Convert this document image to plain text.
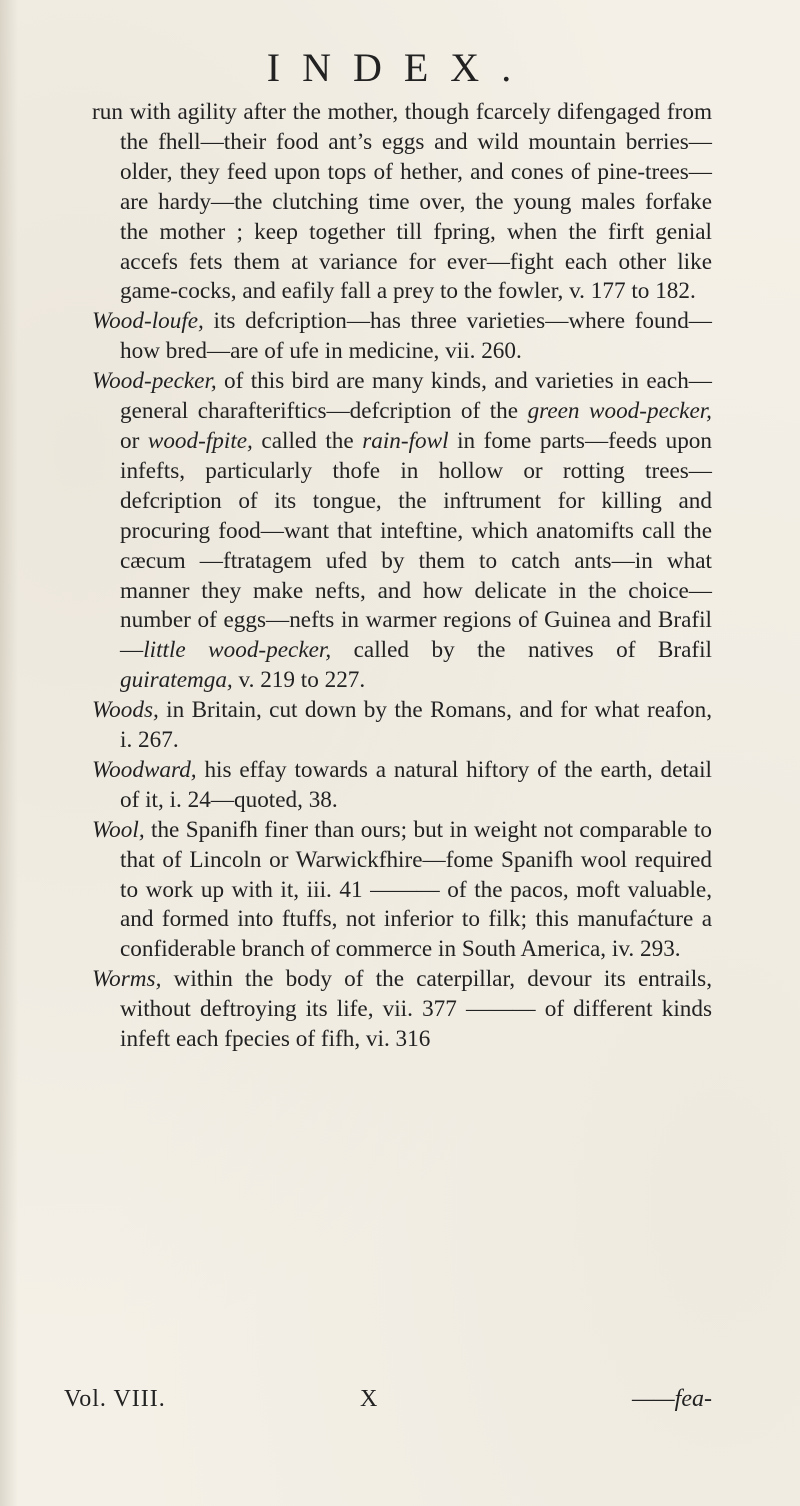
INDEX.

run with agility after the mother, though fcarcely difengaged from the fhell—their food ant’s eggs and wild mountain berries—older, they feed upon tops of hether, and cones of pine-trees—are hardy—the clutching time over, the young males forfake the mother ; keep together till fpring, when the firft genial accefs fets them at variance for ever—fight each other like game-cocks, and eafily fall a prey to the fowler, v. 177 to 182.

Wood-loufe, its defcription—has three varieties—where found—how bred—are of ufe in medicine, vii. 260.

Wood-pecker, of this bird are many kinds, and varieties in each—general charafteriftics—defcription of the green wood-pecker, or wood-fpite, called the rain-fowl in fome parts—feeds upon infefts, particularly thofe in hollow or rotting trees—defcription of its tongue, the inftrument for killing and procuring food—want that inteftine, which anatomifts call the cæcum —ftratagem ufed by them to catch ants—in what manner they make nefts, and how delicate in the choice—number of eggs—nefts in warmer regions of Guinea and Brafil—little wood-pecker, called by the natives of Brafil guiratemga, v. 219 to 227.

Woods, in Britain, cut down by the Romans, and for what reafon, i. 267.

Woodward, his effay towards a natural hiftory of the earth, detail of it, i. 24—quoted, 38.

Wool, the Spanifh finer than ours; but in weight not comparable to that of Lincoln or Warwickfhire—fome Spanifh wool required to work up with it, iii. 41 ——— of the pacos, moft valuable, and formed into ftuffs, not inferior to filk; this manufaćture a confiderable branch of commerce in South America, iv. 293.

Worms, within the body of the caterpillar, devour its entrails, without deftroying its life, vii. 377 ——— of different kinds infeft each fpecies of fifh, vi. 316

Vol. VIII.	X	——fea-
